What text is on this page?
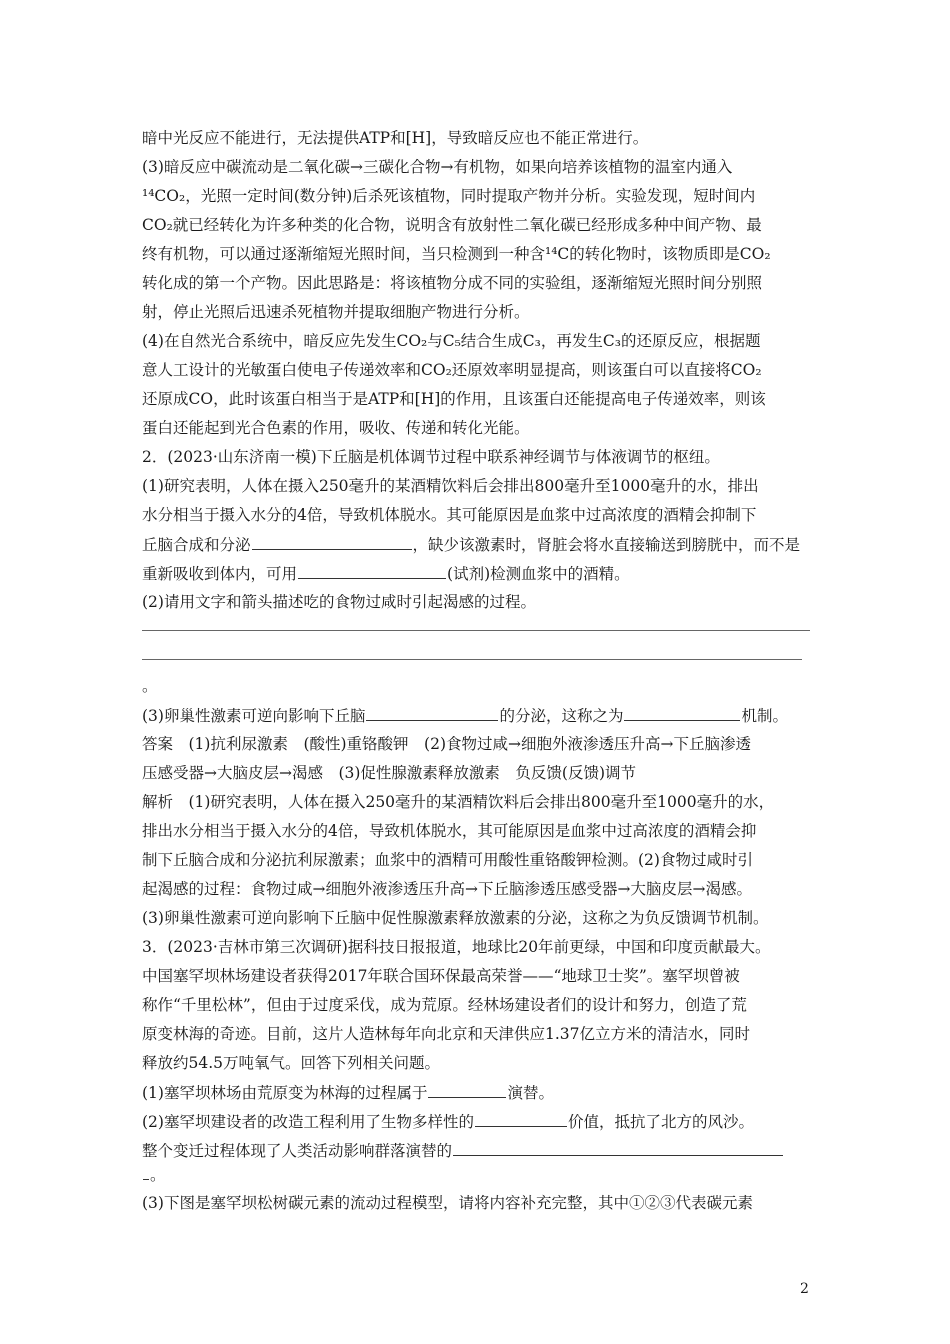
暗中光反应不能进行，无法提供ATP和[H]，导致暗反应也不能正常进行。
(3)暗反应中碳流动是二氧化碳→三碳化合物→有机物，如果向培养该植物的温室内通入
¹⁴CO₂，光照一定时间(数分钟)后杀死该植物，同时提取产物并分析。实验发现，短时间内
CO₂就已经转化为许多种类的化合物，说明含有放射性二氧化碳已经形成多种中间产物、最
终有机物，可以通过逐渐缩短光照时间，当只检测到一种含¹⁴C的转化物时，该物质即是CO₂
转化成的第一个产物。因此思路是：将该植物分成不同的实验组，逐渐缩短光照时间分别照
射，停止光照后迅速杀死植物并提取细胞产物进行分析。
(4)在自然光合系统中，暗反应先发生CO₂与C₅结合生成C₃，再发生C₃的还原反应，根据题
意人工设计的光敏蛋白使电子传递效率和CO₂还原效率明显提高，则该蛋白可以直接将CO₂
还原成CO，此时该蛋白相当于是ATP和[H]的作用，且该蛋白还能提高电子传递效率，则该
蛋白还能起到光合色素的作用，吸收、传递和转化光能。
2．(2023·山东济南一模)下丘脑是机体调节过程中联系神经调节与体液调节的枢纽。
(1)研究表明，人体在摄入250毫升的某酒精饮料后会排出800毫升至1000毫升的水，排出
水分相当于摄入水分的4倍，导致机体脱水。其可能原因是血浆中过高浓度的酒精会抑制下
丘脑合成和分泌	，缺少该激素时，肾脏会将水直接输送到膀胱中，而不是
重新吸收到体内，可用	(试剂)检测血浆中的酒精。
(2)请用文字和箭头描述吃的食物过咸时引起渴感的过程。
。
(3)卵巢性激素可逆向影响下丘脑	的分泌，这称之为	机制。
答案　(1)抗利尿激素　(酸性)重铬酸钾　(2)食物过咸→细胞外液渗透压升高→下丘脑渗透
压感受器→大脑皮层→渴感　(3)促性腺激素释放激素　负反馈(反馈)调节
解析　(1)研究表明，人体在摄入250毫升的某酒精饮料后会排出800毫升至1000毫升的水，
排出水分相当于摄入水分的4倍，导致机体脱水，其可能原因是血浆中过高浓度的酒精会抑
制下丘脑合成和分泌抗利尿激素；血浆中的酒精可用酸性重铬酸钾检测。(2)食物过咸时引
起渴感的过程：食物过咸→细胞外液渗透压升高→下丘脑渗透压感受器→大脑皮层→渴感。
(3)卵巢性激素可逆向影响下丘脑中促性腺激素释放激素的分泌，这称之为负反馈调节机制。
3．(2023·吉林市第三次调研)据科技日报报道，地球比20年前更绿，中国和印度贡献最大。
中国塞罕坝林场建设者获得2017年联合国环保最高荣誉——“地球卫士奖”。塞罕坝曾被
称作“千里松林”，但由于过度采伐，成为荒原。经林场建设者们的设计和努力，创造了荒
原变林海的奇迹。目前，这片人造林每年向北京和天津供应1.37亿立方米的清洁水，同时
释放约54.5万吨氧气。回答下列相关问题。
(1)塞罕坝林场由荒原变为林海的过程属于	演替。
(2)塞罕坝建设者的改造工程利用了生物多样性的	价值，抵抗了北方的风沙。
整个变迁过程体现了人类活动影响群落演替的
。
(3)下图是塞罕坝松树碳元素的流动过程模型，请将内容补充完整，其中①②③代表碳元素
2
